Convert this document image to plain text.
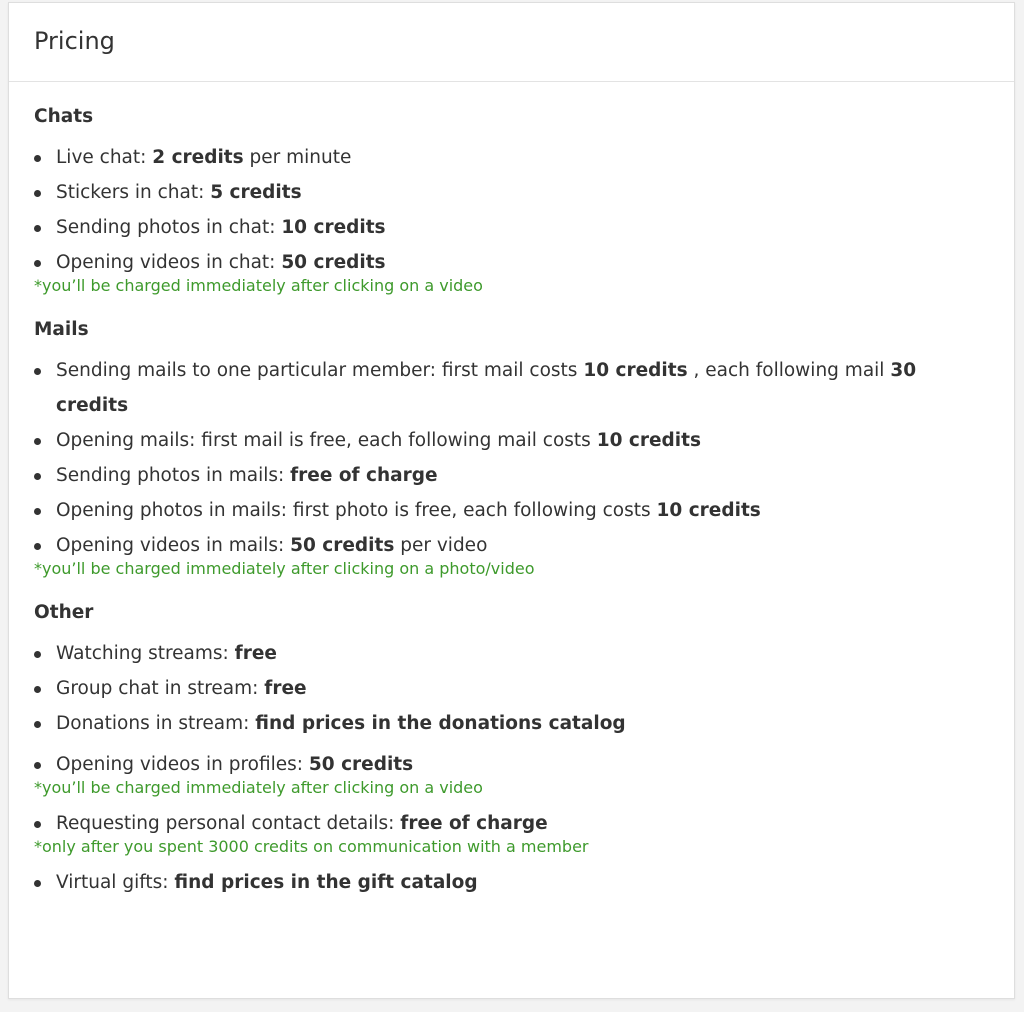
Pricing
Chats
Live chat: 2 credits per minute
Stickers in chat: 5 credits
Sending photos in chat: 10 credits
Opening videos in chat: 50 credits
*you’ll be charged immediately after clicking on a video
Mails
Sending mails to one particular member: first mail costs 10 credits , each following mail 30 credits
Opening mails: first mail is free, each following mail costs 10 credits
Sending photos in mails: free of charge
Opening photos in mails: first photo is free, each following costs 10 credits
Opening videos in mails: 50 credits per video
*you’ll be charged immediately after clicking on a photo/video
Other
Watching streams: free
Group chat in stream: free
Donations in stream: find prices in the donations catalog
Opening videos in profiles: 50 credits
*you’ll be charged immediately after clicking on a video
Requesting personal contact details: free of charge
*only after you spent 3000 credits on communication with a member
Virtual gifts: find prices in the gift catalog
